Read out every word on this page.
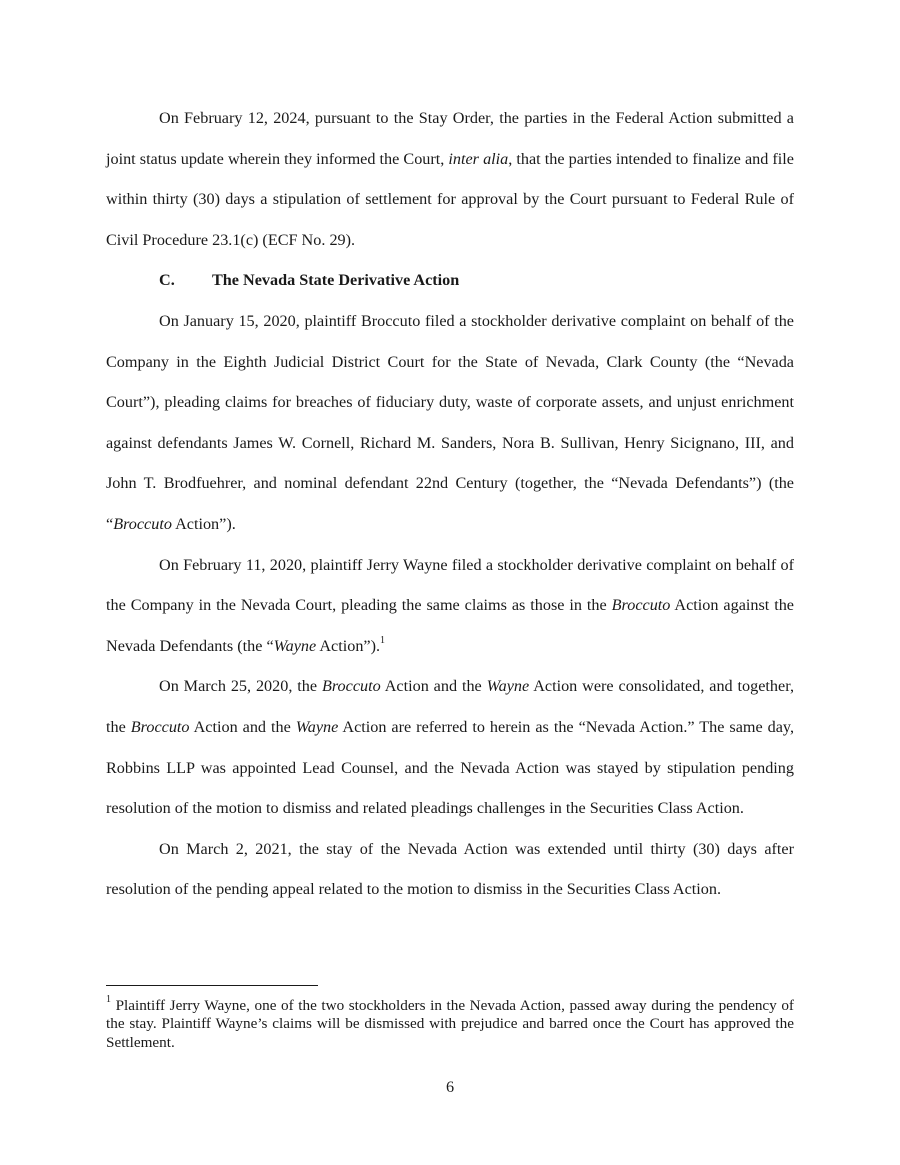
On February 12, 2024, pursuant to the Stay Order, the parties in the Federal Action submitted a joint status update wherein they informed the Court, inter alia, that the parties intended to finalize and file within thirty (30) days a stipulation of settlement for approval by the Court pursuant to Federal Rule of Civil Procedure 23.1(c) (ECF No. 29).

C. The Nevada State Derivative Action

On January 15, 2020, plaintiff Broccuto filed a stockholder derivative complaint on behalf of the Company in the Eighth Judicial District Court for the State of Nevada, Clark County (the “Nevada Court”), pleading claims for breaches of fiduciary duty, waste of corporate assets, and unjust enrichment against defendants James W. Cornell, Richard M. Sanders, Nora B. Sullivan, Henry Sicignano, III, and John T. Brodfuehrer, and nominal defendant 22nd Century (together, the “Nevada Defendants”) (the “Broccuto Action”).

On February 11, 2020, plaintiff Jerry Wayne filed a stockholder derivative complaint on behalf of the Company in the Nevada Court, pleading the same claims as those in the Broccuto Action against the Nevada Defendants (the “Wayne Action”).$^1$

On March 25, 2020, the Broccuto Action and the Wayne Action were consolidated, and together, the Broccuto Action and the Wayne Action are referred to herein as the “Nevada Action.” The same day, Robbins LLP was appointed Lead Counsel, and the Nevada Action was stayed by stipulation pending resolution of the motion to dismiss and related pleadings challenges in the Securities Class Action.

On March 2, 2021, the stay of the Nevada Action was extended until thirty (30) days after resolution of the pending appeal related to the motion to dismiss in the Securities Class Action.

$^1$ Plaintiff Jerry Wayne, one of the two stockholders in the Nevada Action, passed away during the pendency of the stay. Plaintiff Wayne’s claims will be dismissed with prejudice and barred once the Court has approved the Settlement.
6
